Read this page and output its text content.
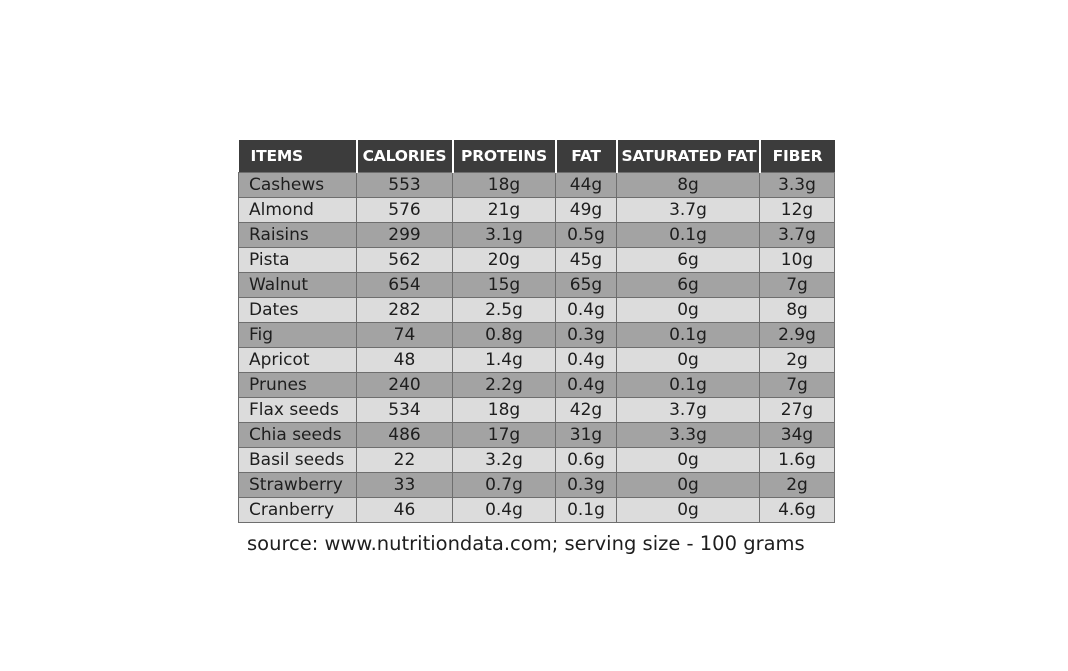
ITEMS	CALORIES	PROTEINS	FAT	SATURATED FAT	FIBER
Cashews	553	18g	44g	8g	3.3g
Almond	576	21g	49g	3.7g	12g
Raisins	299	3.1g	0.5g	0.1g	3.7g
Pista	562	20g	45g	6g	10g
Walnut	654	15g	65g	6g	7g
Dates	282	2.5g	0.4g	0g	8g
Fig	74	0.8g	0.3g	0.1g	2.9g
Apricot	48	1.4g	0.4g	0g	2g
Prunes	240	2.2g	0.4g	0.1g	7g
Flax seeds	534	18g	42g	3.7g	27g
Chia seeds	486	17g	31g	3.3g	34g
Basil seeds	22	3.2g	0.6g	0g	1.6g
Strawberry	33	0.7g	0.3g	0g	2g
Cranberry	46	0.4g	0.1g	0g	4.6g

source: www.nutritiondata.com; serving size - 100 grams
